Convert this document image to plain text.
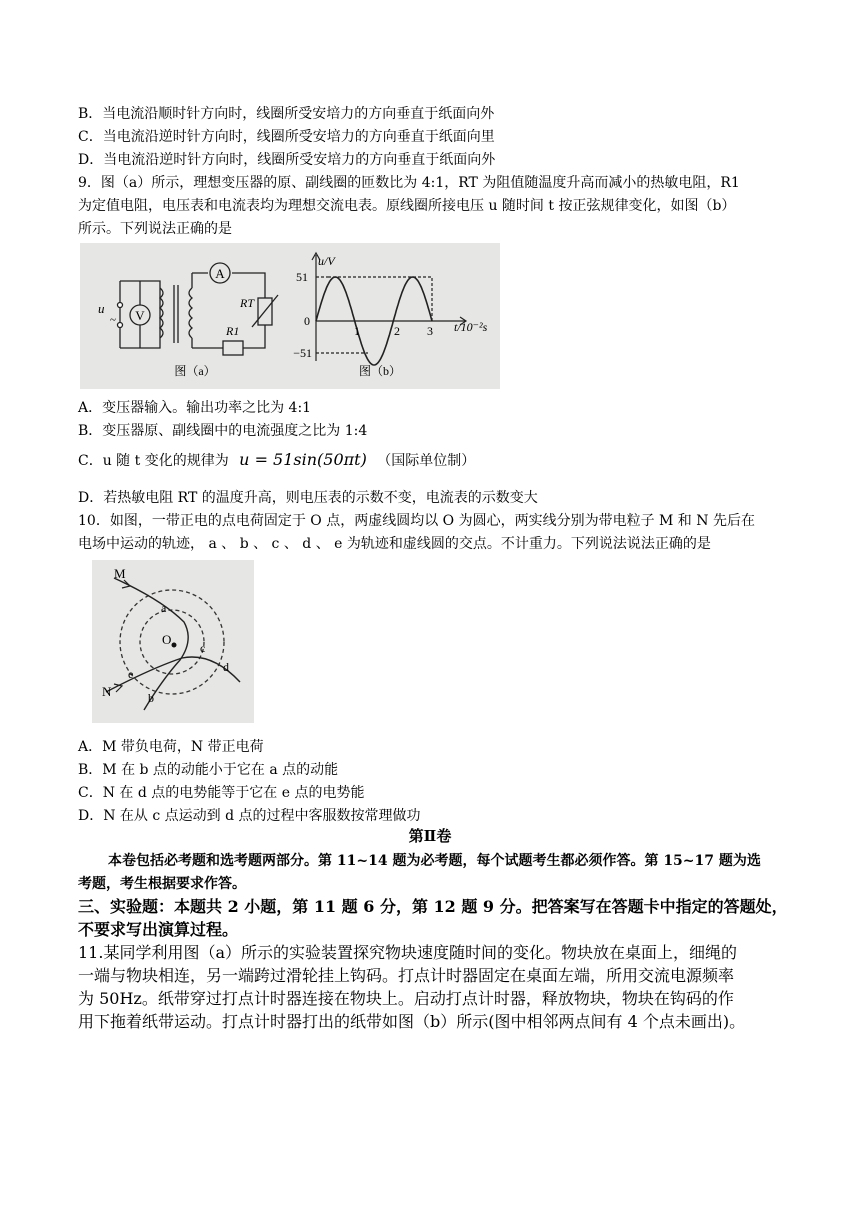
B．当电流沿顺时针方向时，线圈所受安培力的方向垂直于纸面向外
C．当电流沿逆时针方向时，线圈所受安培力的方向垂直于纸面向里
D．当电流沿逆时针方向时，线圈所受安培力的方向垂直于纸面向外
9．图（a）所示，理想变压器的原、副线圈的匝数比为 4:1，RT 为阻值随温度升高而减小的热敏电阻，R1
为定值电阻，电压表和电流表均为理想交流电表。原线圈所接电压 u 随时间 t 按正弦规律变化，如图（b）
所示。下列说法正确的是
V
A
u
~
RT
R1
图（a）
u/V
t/10⁻²s
51
−51
0
1	2 3
图（b）
A．变压器输入。输出功率之比为 4:1
B．变压器原、副线圈中的电流强度之比为 1:4
C．u 随 t 变化的规律为 u = 51sin(50πt) （国际单位制）
D．若热敏电阻 RT 的温度升高，则电压表的示数不变，电流表的示数变大
10．如图，一带正电的点电荷固定于 O 点，两虚线圆均以 O 为圆心，两实线分别为带电粒子 M 和 N 先后在
电场中运动的轨迹， a 、 b 、 c 、 d 、 e 为轨迹和虚线圆的交点。不计重力。下列说法说法正确的是
M
N
O
a
b
c
d
e
A．M 带负电荷，N 带正电荷
B．M 在 b 点的动能小于它在 a 点的动能
C．N 在 d 点的电势能等于它在 e 点的电势能
D．N 在从 c 点运动到 d 点的过程中客服数按常理做功
第Ⅱ卷
本卷包括必考题和选考题两部分。第 11~14 题为必考题，每个试题考生都必须作答。第 15~17 题为选
考题，考生根据要求作答。
三、实验题：本题共 2 小题，第 11 题 6 分，第 12 题 9 分。把答案写在答题卡中指定的答题处，
不要求写出演算过程。
11.某同学利用图（a）所示的实验装置探究物块速度随时间的变化。物块放在桌面上，细绳的
一端与物块相连，另一端跨过滑轮挂上钩码。打点计时器固定在桌面左端，所用交流电源频率
为 50Hz。纸带穿过打点计时器连接在物块上。启动打点计时器，释放物块，物块在钩码的作
用下拖着纸带运动。打点计时器打出的纸带如图（b）所示(图中相邻两点间有 4 个点未画出)。
